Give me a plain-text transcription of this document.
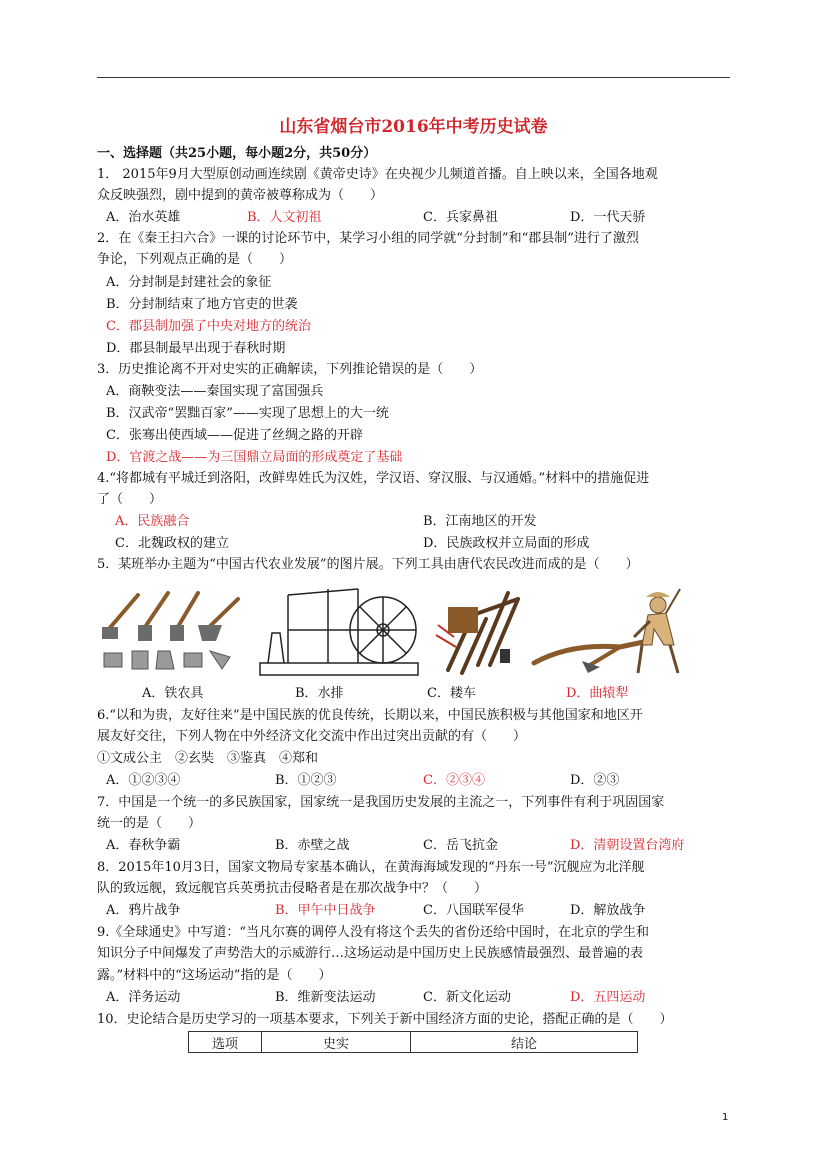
山东省烟台市2016年中考历史试卷
一、选择题（共25小题，每小题2分，共50分）
1． 2015年9月大型原创动画连续剧《黄帝史诗》在央视少儿频道首播。自上映以来，全国各地观
众反映强烈，剧中提到的黄帝被尊称成为（　　）
A．治水英雄	B．人文初祖	C．兵家鼻祖	D．一代天骄
2．在《秦王扫六合》一课的讨论环节中，某学习小组的同学就“分封制”和“郡县制”进行了激烈
争论，下列观点正确的是（　　）
A．分封制是封建社会的象征
B．分封制结束了地方官吏的世袭
C．郡县制加强了中央对地方的统治
D．郡县制最早出现于春秋时期
3．历史推论离不开对史实的正确解读，下列推论错误的是（　　）
A．商鞅变法——秦国实现了富国强兵
B．汉武帝“罢黜百家”——实现了思想上的大一统
C．张骞出使西域——促进了丝绸之路的开辟
D．官渡之战——为三国鼎立局面的形成奠定了基础
4.“将都城有平城迁到洛阳，改鲜卑姓氏为汉姓，学汉语、穿汉服、与汉通婚。”材料中的措施促进
了（　　）
A．民族融合	B．江南地区的开发
C．北魏政权的建立	D．民族政权并立局面的形成
5．某班举办主题为“中国古代农业发展”的图片展。下列工具由唐代农民改进而成的是（　　）
A．铁农具	B．水排	C．耧车	D．曲辕犁
6.“以和为贵，友好往来”是中国民族的优良传统，长期以来，中国民族积极与其他国家和地区开
展友好交往，下列人物在中外经济文化交流中作出过突出贡献的有（　　）
①文成公主　②玄奘　③鉴真　④郑和
A．①②③④	B．①②③	C．②③④	D．②③
7．中国是一个统一的多民族国家，国家统一是我国历史发展的主流之一，下列事件有利于巩固国家
统一的是（　　）
A．春秋争霸	B．赤壁之战	C．岳飞抗金	D．清朝设置台湾府
8．2015年10月3日，国家文物局专家基本确认，在黄海海域发现的“丹东一号”沉舰应为北洋舰
队的致远舰，致远舰官兵英勇抗击侵略者是在那次战争中？（　　）
A．鸦片战争	B．甲午中日战争	C．八国联军侵华	D．解放战争
9.《全球通史》中写道：“当凡尔赛的调停人没有将这个丢失的省份还给中国时，在北京的学生和
知识分子中间爆发了声势浩大的示威游行…这场运动是中国历史上民族感情最强烈、最普遍的表
露。”材料中的“这场运动”指的是（　　）
A．洋务运动	B．维新变法运动	C．新文化运动	D．五四运动
10．史论结合是历史学习的一项基本要求，下列关于新中国经济方面的史论，搭配正确的是（　　）
选项	史实	结论
1
